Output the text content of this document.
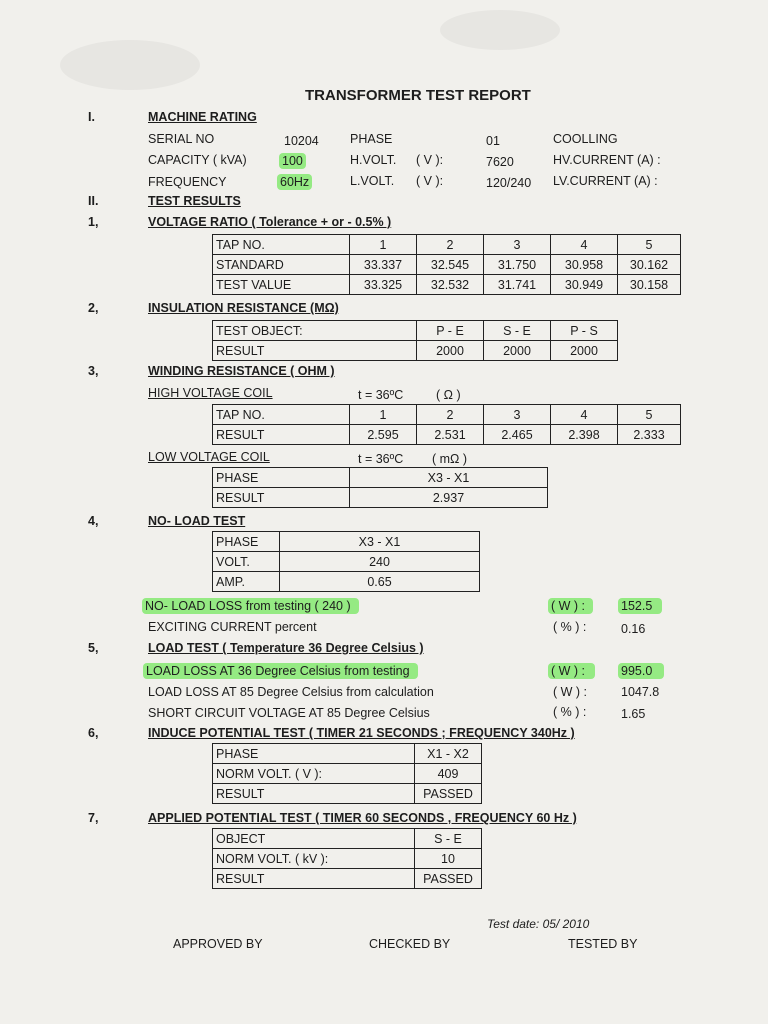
TRANSFORMER TEST REPORT
I.	MACHINE RATING
SERIAL NO	10204 PHASE	01	COOLLING
CAPACITY ( kVA)	100	H.VOLT. ( V ):	7620	HV.CURRENT (A) :
FREQUENCY	60Hz	L.VOLT. ( V ):	120/240 LV.CURRENT (A) :
II.	TEST RESULTS
1,	VOLTAGE RATIO ( Tolerance + or - 0.5% )
TAP NO.	1	2	3	4	5
STANDARD	33.337	32.545	31.750	30.958	30.162
TEST VALUE	33.325	32.532	31.741	30.949	30.158
2,	INSULATION RESISTANCE (MΩ)
TEST OBJECT:	P - E	S - E	P - S
RESULT	2000	2000	2000
3,	WINDING RESISTANCE ( OHM )
HIGH VOLTAGE COIL	t = 36ºC	( Ω )
TAP NO.	1	2	3	4	5
RESULT	2.595	2.531	2.465	2.398	2.333
LOW VOLTAGE COIL	t = 36ºC ( mΩ )
PHASE	X3 - X1
RESULT	2.937
4,	NO- LOAD TEST
PHASE	X3 - X1
VOLT.	240
AMP.	0.65
NO- LOAD LOSS from testing ( 240 )	( W ) :	152.5
EXCITING CURRENT percent	( % ) :	0.16
5,	LOAD TEST ( Temperature 36 Degree Celsius )
LOAD LOSS AT 36 Degree Celsius from testing	( W ) :	995.0
LOAD LOSS AT 85 Degree Celsius from calculation	( W ) :	1047.8
SHORT CIRCUIT VOLTAGE AT 85 Degree Celsius	( % ) :	1.65
6,	INDUCE POTENTIAL TEST ( TIMER 21 SECONDS ; FREQUENCY 340Hz )
PHASE	X1 - X2
NORM VOLT. ( V ):	409
RESULT	PASSED
7,	APPLIED POTENTIAL TEST ( TIMER 60 SECONDS , FREQUENCY 60 Hz )
OBJECT	S - E
NORM VOLT. ( kV ):	10
RESULT	PASSED
Test date: 05/ 2010
APPROVED BY	CHECKED BY	TESTED BY
